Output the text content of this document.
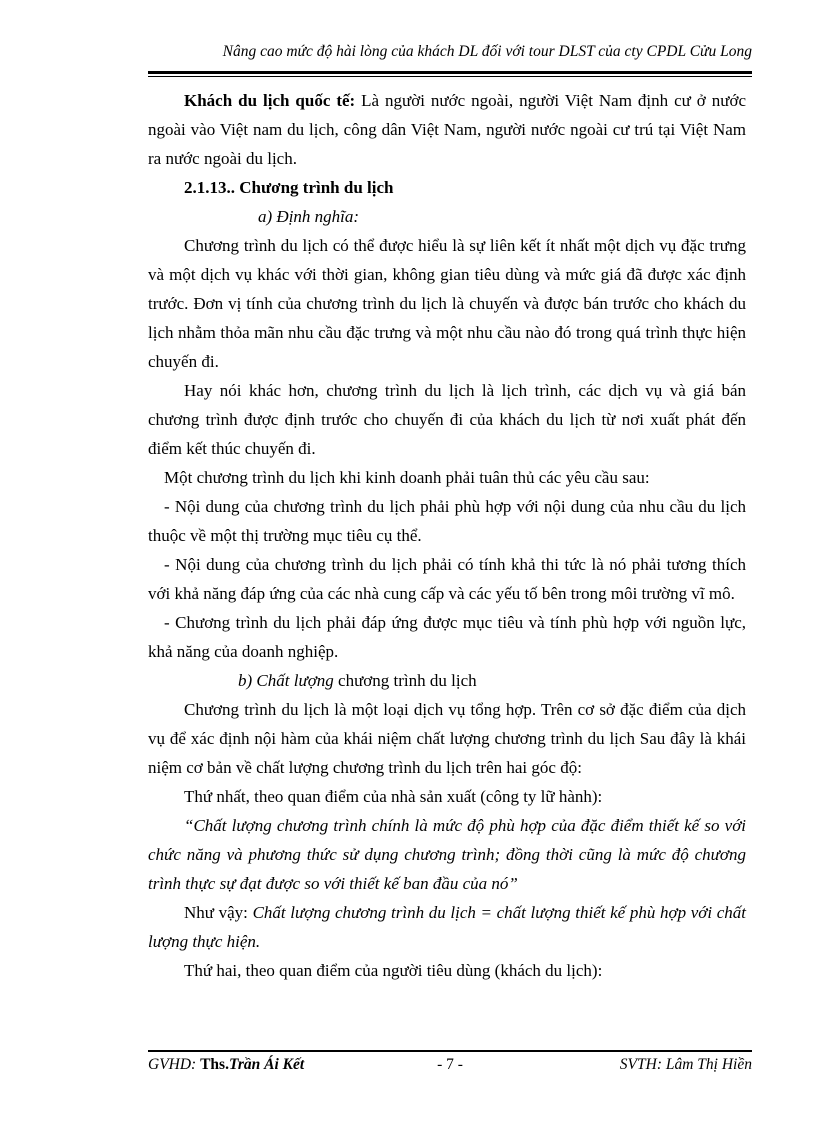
Nâng cao mức độ hài lòng của khách DL đối với tour DLST của cty CPDL Cửu Long

Khách du lịch quốc tế: Là người nước ngoài, người Việt Nam định cư ở nước ngoài vào Việt nam du lịch, công dân Việt Nam, người nước ngoài cư trú tại Việt Nam ra nước ngoài du lịch.

2.1.13.. Chương trình du lịch

a) Định nghĩa:

Chương trình du lịch có thể được hiểu là sự liên kết ít nhất một dịch vụ đặc trưng và một dịch vụ khác với thời gian, không gian tiêu dùng và mức giá đã được xác định trước. Đơn vị tính của chương trình du lịch là chuyến và được bán trước cho khách du lịch nhằm thỏa mãn nhu cầu đặc trưng và một nhu cầu nào đó trong quá trình thực hiện chuyến đi.

Hay nói khác hơn, chương trình du lịch là lịch trình, các dịch vụ và giá bán chương trình được định trước cho chuyến đi của khách du lịch từ nơi xuất phát đến điểm kết thúc chuyến đi.

Một chương trình du lịch khi kinh doanh phải tuân thủ các yêu cầu sau:

- Nội dung của chương trình du lịch phải phù hợp với nội dung của nhu cầu du lịch thuộc về một thị trường mục tiêu cụ thể.

- Nội dung của chương trình du lịch phải có tính khả thi tức là nó phải tương thích với khả năng đáp ứng của các nhà cung cấp và các yếu tố bên trong môi trường vĩ mô.

- Chương trình du lịch phải đáp ứng được mục tiêu và tính phù hợp với nguồn lực, khả năng của doanh nghiệp.

b) Chất lượng chương trình du lịch

Chương trình du lịch là một loại dịch vụ tổng hợp. Trên cơ sở đặc điểm của dịch vụ để xác định nội hàm của khái niệm chất lượng chương trình du lịch Sau đây là khái niệm cơ bản về chất lượng chương trình du lịch trên hai góc độ:

Thứ nhất, theo quan điểm của nhà sản xuất (công ty lữ hành):

“Chất lượng chương trình chính là mức độ phù hợp của đặc điểm thiết kế so với chức năng và phương thức sử dụng chương trình; đồng thời cũng là mức độ chương trình thực sự đạt được so với thiết kế ban đầu của nó”

Như vậy: Chất lượng chương trình du lịch = chất lượng thiết kế phù hợp với chất lượng thực hiện.

Thứ hai, theo quan điểm của người tiêu dùng (khách du lịch):

GVHD: Ths.Trần Ái Kết	- 7 -	SVTH: Lâm Thị Hiền
